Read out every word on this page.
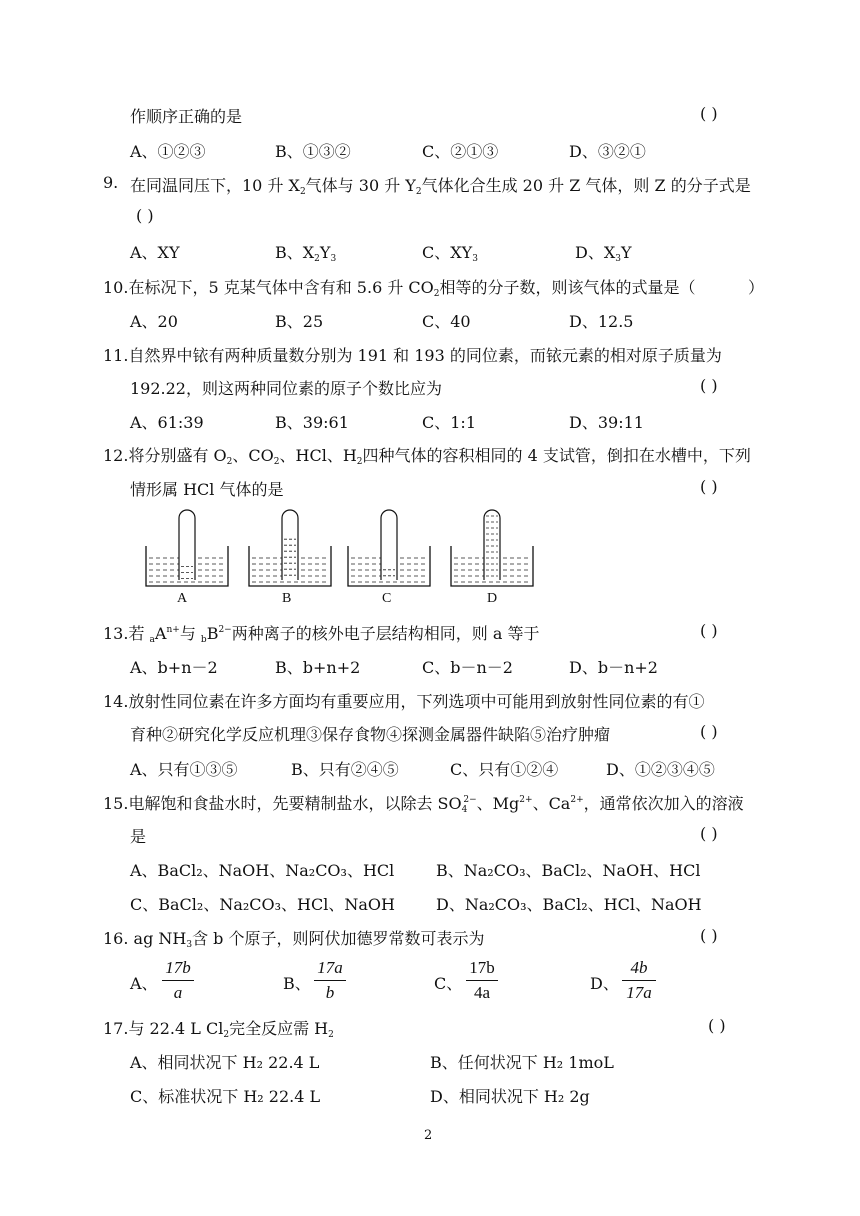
作顺序正确的是	( )
A、①②③	B、①③②	C、②①③	D、③②①
9. 在同温同压下，10 升 $X_2$气体与 30 升 $Y_2$气体化合生成 20 升 Z 气体，则 Z 的分子式是
( )
A、XY	B、$X_2Y_3$	C、$XY_3$	D、$X_3Y$
10.在标况下，5 克某气体中含有和 5.6 升 $CO_2$相等的分子数，则该气体的式量是（	）
A、20	B、25	C、40	D、12.5
11.自然界中铱有两种质量数分别为 191 和 193 的同位素，而铱元素的相对原子质量为
192.22，则这两种同位素的原子个数比应为	( )
A、61:39	B、39:61	C、1:1	D、39:11
12.将分别盛有 $O_2$、$CO_2$、HCl、$H_2$四种气体的容积相同的 4 支试管，倒扣在水槽中，下列
情形属 HCl 气体的是	( )
A	B	C	D
13.若 $_aA^{n+}$与 $_bB^{2-}$两种离子的核外电子层结构相同，则 a 等于	( )
A、b+n－2	B、b+n+2	C、b－n－2	D、b－n+2
14.放射性同位素在许多方面均有重要应用，下列选项中可能用到放射性同位素的有①
育种②研究化学反应机理③保存食物④探测金属器件缺陷⑤治疗肿瘤	( )
A、只有①③⑤	B、只有②④⑤	C、只有①②④	D、①②③④⑤
15.电解饱和食盐水时，先要精制盐水，以除去 $SO_4^{2-}$、$Mg^{2+}$、$Ca^{2+}$，通常依次加入的溶液
是	( )
A、BaCl₂、NaOH、Na₂CO₃、HCl	B、Na₂CO₃、BaCl₂、NaOH、HCl
C、BaCl₂、Na₂CO₃、HCl、NaOH	D、Na₂CO₃、BaCl₂、HCl、NaOH
16. ag $NH_3$含 b 个原子，则阿伏加德罗常数可表示为	( )
A、
17b
a	B、
17a
b	C、
17b
4a	D、
4b
17a
17.与 22.4 L $Cl_2$完全反应需 $H_2$	( )
A、相同状况下 H₂ 22.4 L	B、任何状况下 H₂ 1moL
C、标准状况下 H₂ 22.4 L	D、相同状况下 H₂ 2g
2
